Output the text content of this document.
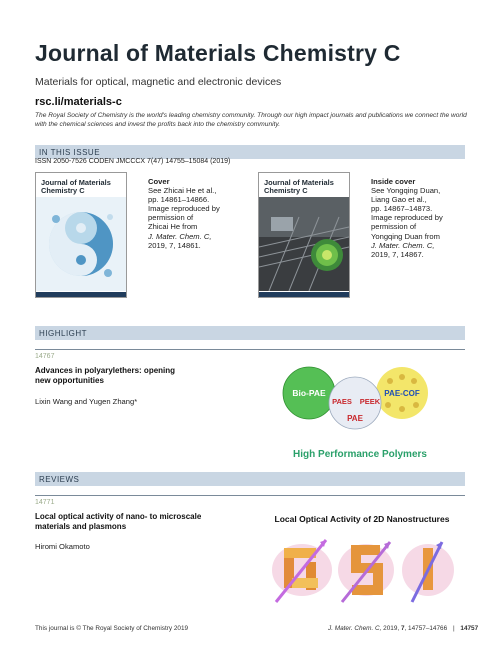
Journal of Materials Chemistry C
Materials for optical, magnetic and electronic devices
rsc.li/materials-c
The Royal Society of Chemistry is the world's leading chemistry community. Through our high impact journals and publications we connect the world with the chemical sciences and invest the profits back into the chemistry community.
IN THIS ISSUE
ISSN 2050-7526 CODEN JMCCCX 7(47) 14755–15084 (2019)
Journal of Materials Chemistry C
Cover
See Zhicai He et al.,
pp. 14861–14866.
Image reproduced by
permission of
Zhicai He from
J. Mater. Chem. C,
2019, 7, 14861.
Journal of Materials Chemistry C
Inside cover
See Yongqing Duan,
Liang Gao et al.,
pp. 14867–14873.
Image reproduced by
permission of
Yongqing Duan from
J. Mater. Chem. C,
2019, 7, 14867.
HIGHLIGHT
14767
Advances in polyarylethers: opening
new opportunities
Lixin Wang and Yugen Zhang*
Bio-PAE	PAE-COF
PAES PEEK
PAE
High Performance Polymers
REVIEWS
14771
Local optical activity of nano- to microscale
materials and plasmons
Hiromi Okamoto
Local Optical Activity of 2D Nanostructures
This journal is © The Royal Society of Chemistry 2019	J. Mater. Chem. C, 2019, 7, 14757–14766 | 14757
